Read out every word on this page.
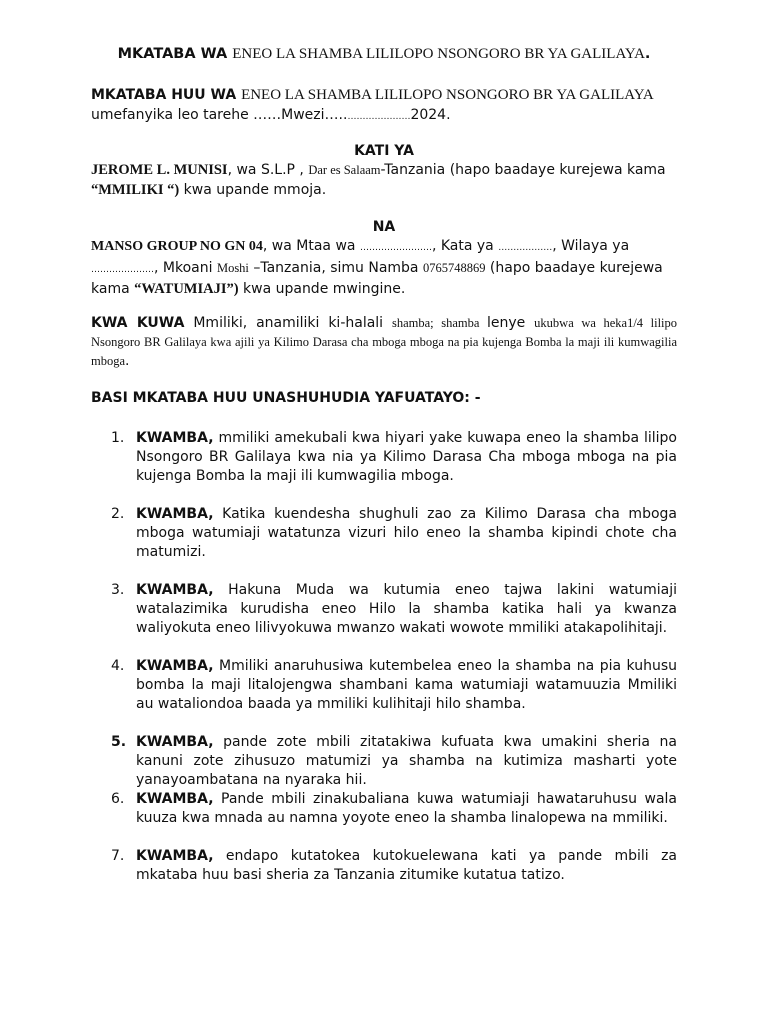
MKATABA WA ENEO LA SHAMBA LILILOPO NSONGORO BR YA GALILAYA.
MKATABA HUU WA ENEO LA SHAMBA LILILOPO NSONGORO BR YA GALILAYA
umefanyika leo tarehe ……Mwezi…..…………………2024.
KATI YA
JEROME L. MUNISI, wa S.L.P , Dar es Salaam-Tanzania (hapo baadaye kurejewa kama
“MMILIKI “) kwa upande mmoja.
NA
MANSO GROUP NO GN 04, wa Mtaa wa ……………………, Kata ya ………………, Wilaya ya
…………………, Mkoani Moshi –Tanzania, simu Namba 0765748869 (hapo baadaye kurejewa
kama “WATUMIAJI”) kwa upande mwingine.
KWA KUWA Mmiliki, anamiliki ki-halali shamba; shamba lenye ukubwa wa heka1/4 lilipo Nsongoro BR Galilaya kwa ajili ya Kilimo Darasa cha mboga mboga na pia kujenga Bomba la maji ili kumwagilia mboga.
BASI MKATABA HUU UNASHUHUDIA YAFUATAYO: -
1. KWAMBA, mmiliki amekubali kwa hiyari yake kuwapa eneo la shamba lilipo Nsongoro BR Galilaya kwa nia ya Kilimo Darasa Cha mboga mboga na pia kujenga Bomba la maji ili kumwagilia mboga.
2. KWAMBA, Katika kuendesha shughuli zao za Kilimo Darasa cha mboga mboga watumiaji watatunza vizuri hilo eneo la shamba kipindi chote cha matumizi.
3. KWAMBA, Hakuna Muda wa kutumia eneo tajwa lakini watumiaji watalazimika kurudisha eneo Hilo la shamba katika hali ya kwanza waliyokuta eneo lilivyokuwa mwanzo wakati wowote mmiliki atakapolihitaji.
4. KWAMBA, Mmiliki anaruhusiwa kutembelea eneo la shamba na pia kuhusu bomba la maji litalojengwa shambani kama watumiaji watamuuzia Mmiliki au wataliondoa baada ya mmiliki kulihitaji hilo shamba.
5. KWAMBA, pande zote mbili zitatakiwa kufuata kwa umakini sheria na kanuni zote zihusuzo matumizi ya shamba na kutimiza masharti yote yanayoambatana na nyaraka hii.
6. KWAMBA, Pande mbili zinakubaliana kuwa watumiaji hawataruhusu wala kuuza kwa mnada au namna yoyote eneo la shamba linalopewa na mmiliki.
7. KWAMBA, endapo kutatokea kutokuelewana kati ya pande mbili za mkataba huu basi sheria za Tanzania zitumike kutatua tatizo.
